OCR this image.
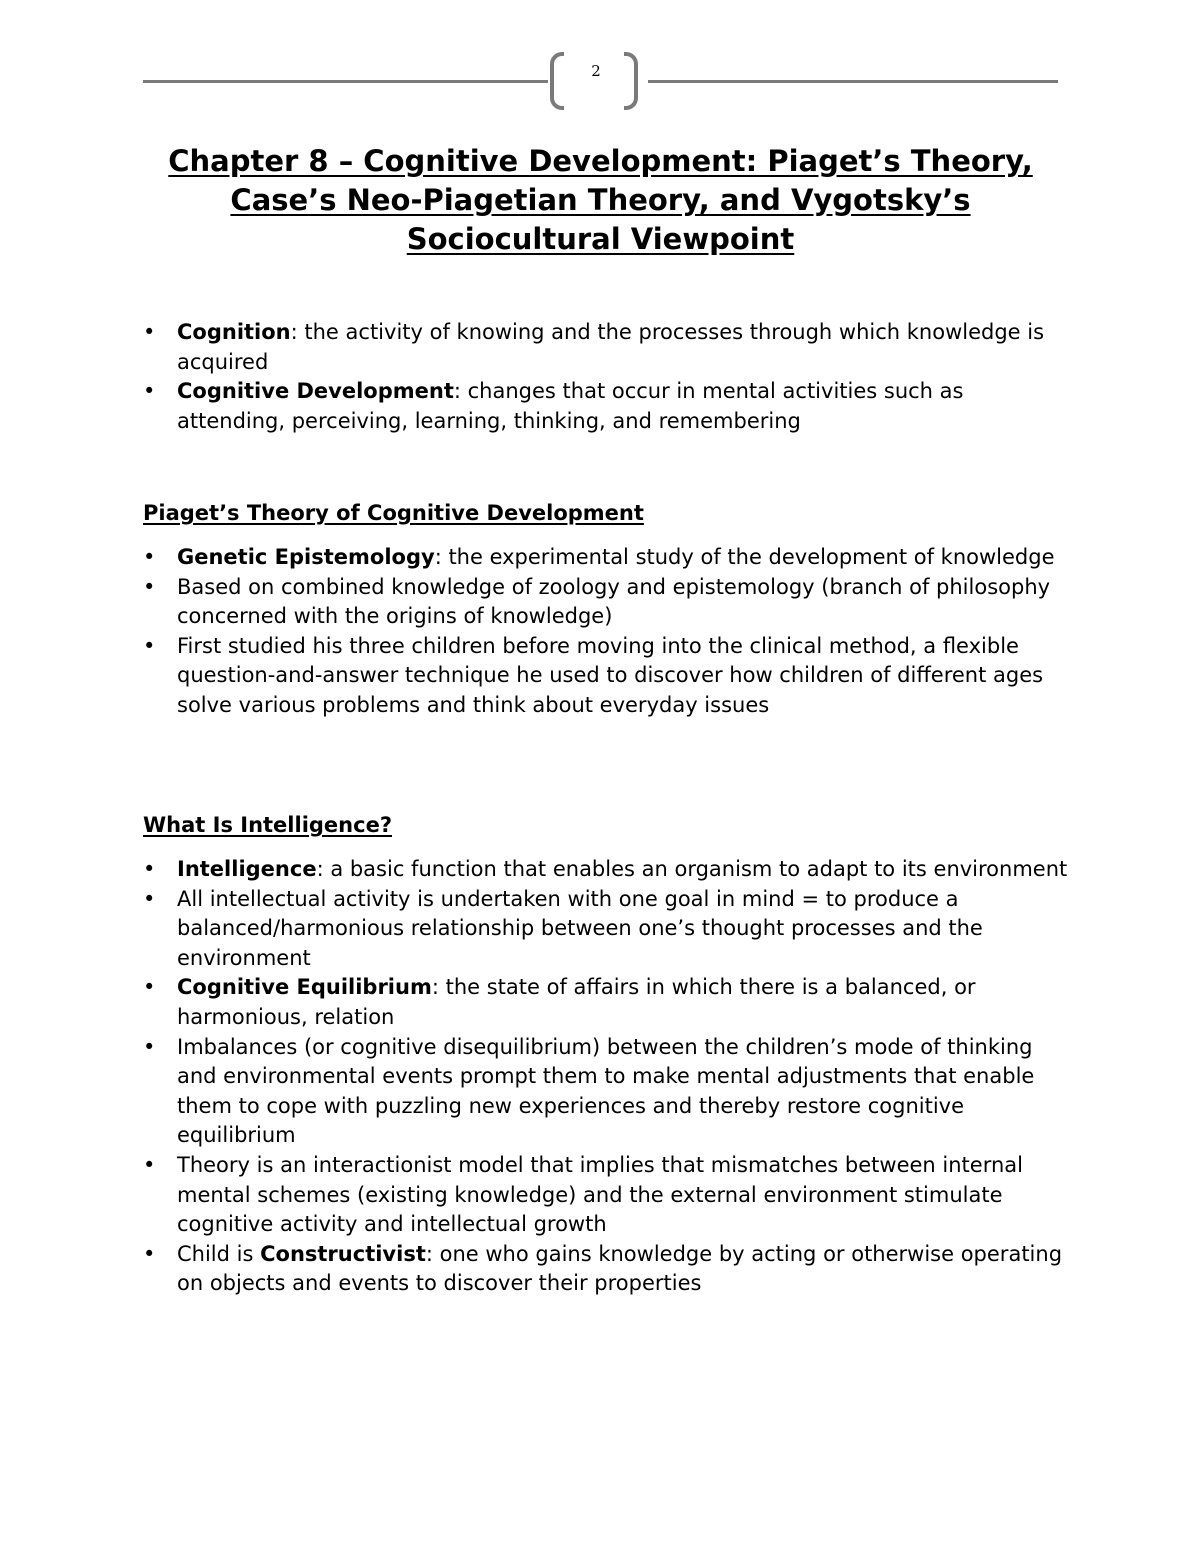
2
Chapter 8 – Cognitive Development: Piaget’s Theory, Case’s Neo-Piagetian Theory, and Vygotsky’s Sociocultural Viewpoint
• Cognition: the activity of knowing and the processes through which knowledge is acquired
• Cognitive Development: changes that occur in mental activities such as attending, perceiving, learning, thinking, and remembering
Piaget’s Theory of Cognitive Development
• Genetic Epistemology: the experimental study of the development of knowledge
• Based on combined knowledge of zoology and epistemology (branch of philosophy concerned with the origins of knowledge)
• First studied his three children before moving into the clinical method, a flexible question-and-answer technique he used to discover how children of different ages solve various problems and think about everyday issues
What Is Intelligence?
• Intelligence: a basic function that enables an organism to adapt to its environment
• All intellectual activity is undertaken with one goal in mind = to produce a balanced/harmonious relationship between one’s thought processes and the environment
• Cognitive Equilibrium: the state of affairs in which there is a balanced, or harmonious, relation
• Imbalances (or cognitive disequilibrium) between the children’s mode of thinking and environmental events prompt them to make mental adjustments that enable them to cope with puzzling new experiences and thereby restore cognitive equilibrium
• Theory is an interactionist model that implies that mismatches between internal mental schemes (existing knowledge) and the external environment stimulate cognitive activity and intellectual growth
• Child is Constructivist: one who gains knowledge by acting or otherwise operating on objects and events to discover their properties
